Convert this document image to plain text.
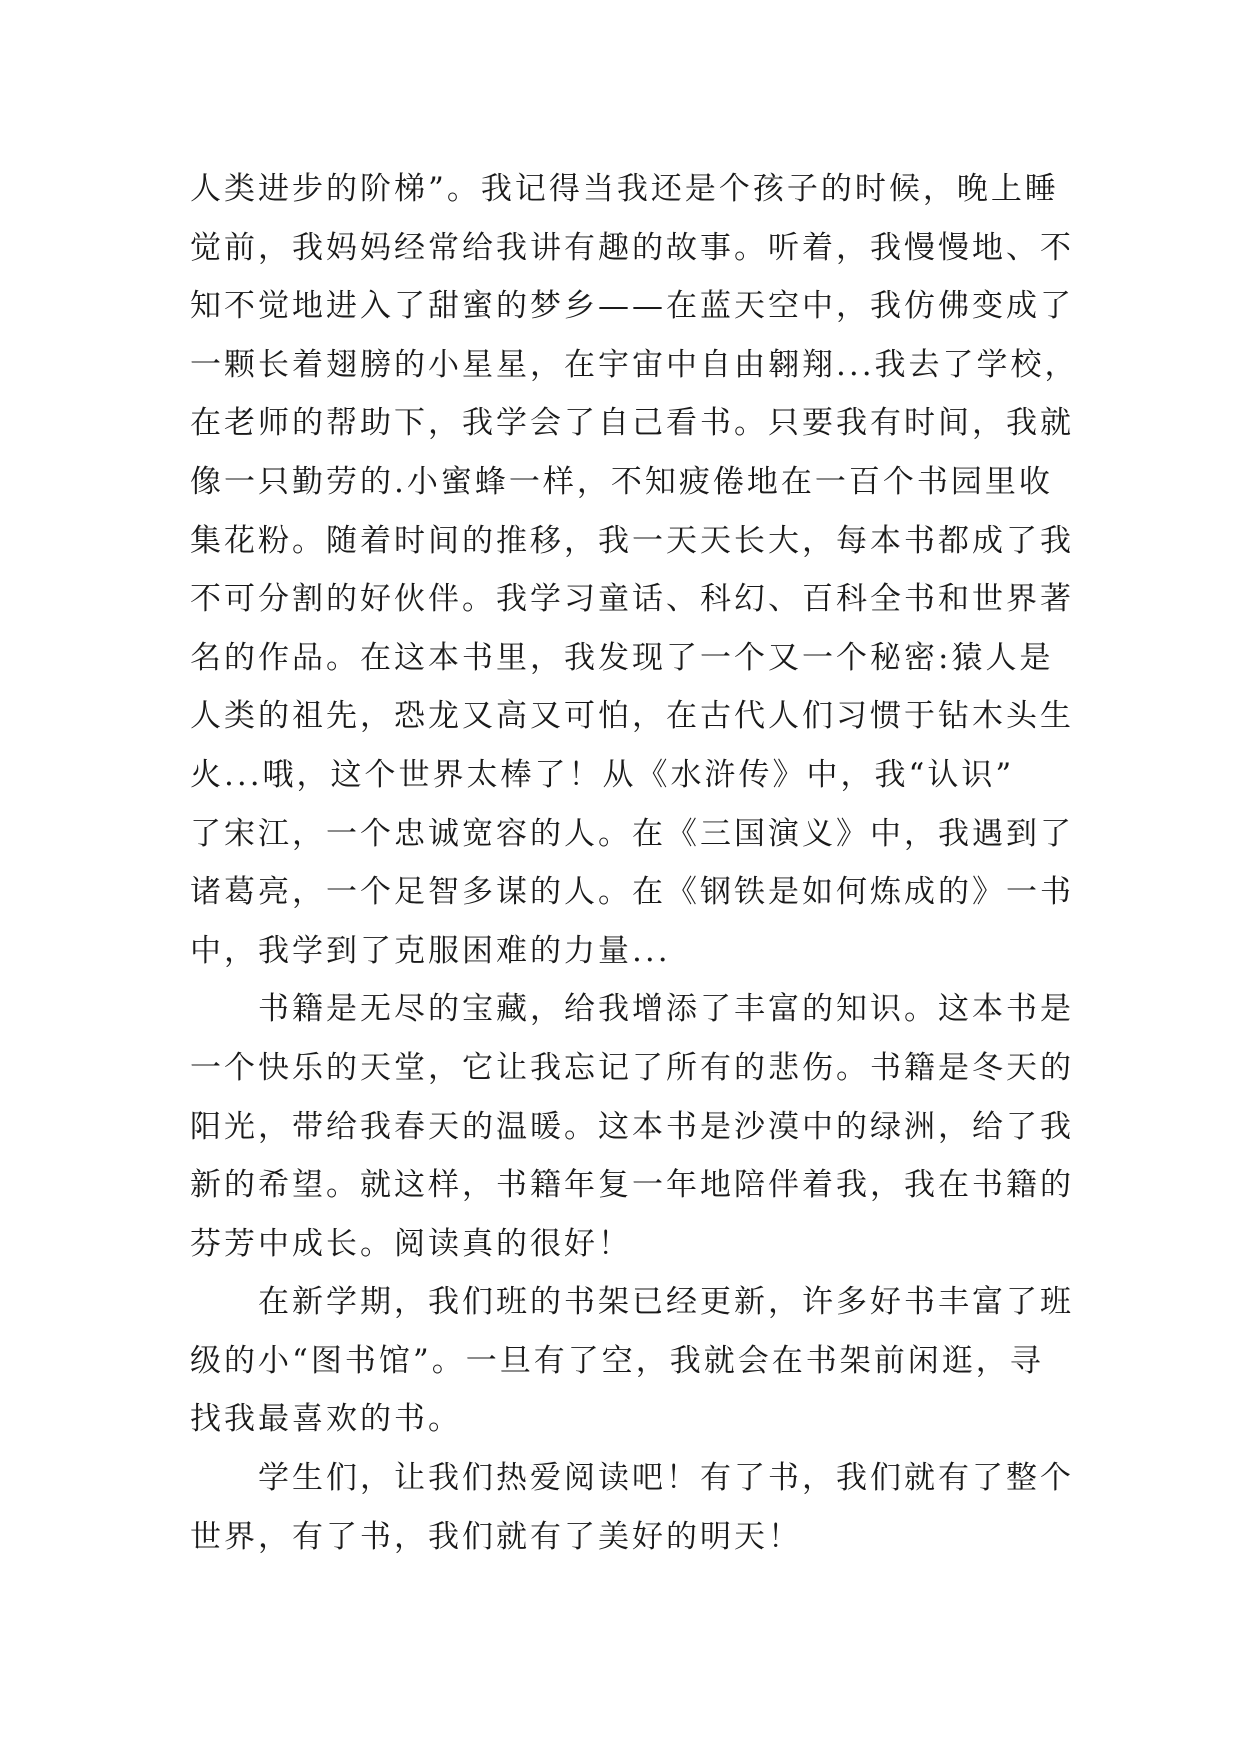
人类进步的阶梯”。我记得当我还是个孩子的时候，晚上睡
觉前，我妈妈经常给我讲有趣的故事。听着，我慢慢地、不
知不觉地进入了甜蜜的梦乡——在蓝天空中，我仿佛变成了
一颗长着翅膀的小星星，在宇宙中自由翱翔...我去了学校，
在老师的帮助下，我学会了自己看书。只要我有时间，我就
像一只勤劳的.小蜜蜂一样，不知疲倦地在一百个书园里收
集花粉。随着时间的推移，我一天天长大，每本书都成了我
不可分割的好伙伴。我学习童话、科幻、百科全书和世界著
名的作品。在这本书里，我发现了一个又一个秘密:猿人是
人类的祖先，恐龙又高又可怕，在古代人们习惯于钻木头生
火...哦，这个世界太棒了！从《水浒传》中，我“认识”
了宋江，一个忠诚宽容的人。在《三国演义》中，我遇到了
诸葛亮，一个足智多谋的人。在《钢铁是如何炼成的》一书
中，我学到了克服困难的力量...
书籍是无尽的宝藏，给我增添了丰富的知识。这本书是
一个快乐的天堂，它让我忘记了所有的悲伤。书籍是冬天的
阳光，带给我春天的温暖。这本书是沙漠中的绿洲，给了我
新的希望。就这样，书籍年复一年地陪伴着我，我在书籍的
芬芳中成长。阅读真的很好！
在新学期，我们班的书架已经更新，许多好书丰富了班
级的小“图书馆”。一旦有了空，我就会在书架前闲逛，寻
找我最喜欢的书。
学生们，让我们热爱阅读吧！有了书，我们就有了整个
世界，有了书，我们就有了美好的明天！
